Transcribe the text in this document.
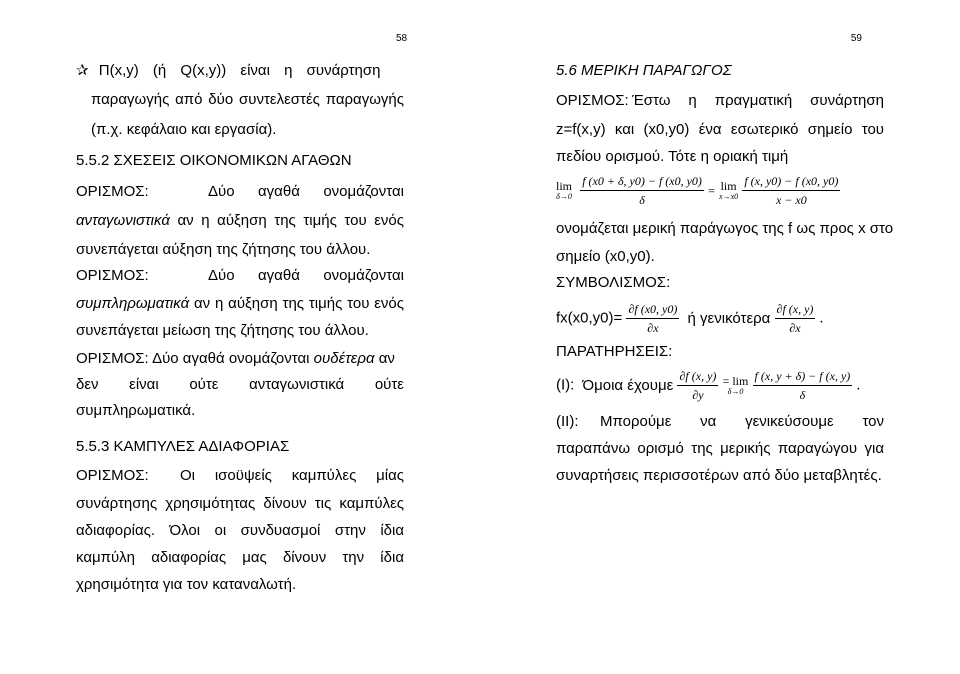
58
✰ Π(x,y) (ή Q(x,y)) είναι η συνάρτηση
παραγωγής από δύο συντελεστές παραγωγής
(π.χ. κεφάλαιο και εργασία).
5.5.2 ΣΧΕΣΕΙΣ ΟΙΚΟΝΟΜΙΚΩΝ ΑΓΑΘΩΝ
ΟΡΙΣΜΟΣ:	Δύο αγαθά ονομάζονται
ανταγωνιστικά αν η αύξηση της τιμής του ενός
συνεπάγεται αύξηση της ζήτησης του άλλου.
ΟΡΙΣΜΟΣ:	Δύο αγαθά ονομάζονται
συμπληρωματικά αν η αύξηση της τιμής του ενός
συνεπάγεται μείωση της ζήτησης του άλλου.
ΟΡΙΣΜΟΣ: Δύο αγαθά ονομάζονται ουδέτερα αν
δεν είναι ούτε ανταγωνιστικά ούτε
συμπληρωματικά.
5.5.3 ΚΑΜΠΥΛΕΣ ΑΔΙΑΦΟΡΙΑΣ
ΟΡΙΣΜΟΣ: Οι ισοϋψείς καμπύλες μίας
συνάρτησης χρησιμότητας δίνουν τις καμπύλες
αδιαφορίας. Όλοι οι συνδυασμοί στην ίδια
καμπύλη αδιαφορίας μας δίνουν την ίδια
χρησιμότητα για τον καταναλωτή.
59
5.6 ΜΕΡΙΚΗ ΠΑΡΑΓΩΓΟΣ
ΟΡΙΣΜΟΣ: Έστω η πραγματική συνάρτηση
z=f(x,y) και (x0,y0) ένα εσωτερικό σημείο του
πεδίου ορισμού. Τότε η οριακή τιμή
lim
δ→0
$\frac{f (x0 + \delta, y0) - f (x0, y0)}{\delta} = \lim$
x→x0
$\frac{f (x, y0) - f (x0, y0)}{x - x0}$
ονομάζεται μερική παράγωγος της f ως προς x στο
σημείο (x0,y0).
ΣΥΜΒΟΛΙΣΜΟΣ:
$fx(x0,y0)= \frac{\partial f (x0, y0)}{\partial x}$ ή γενικότερα $\frac{\partial f (x, y)}{\partial x}$ .
ΠΑΡΑΤΗΡΗΣΕΙΣ:
(I): Όμοια έχουμε $\frac{\partial f (x, y)}{\partial y} = \lim$
δ→0
$\frac{f (x, y + \delta) - f (x, y)}{\delta}$ .
(II): Μπορούμε να γενικεύσουμε τον
παραπάνω ορισμό της μερικής παραγώγου για
συναρτήσεις περισσοτέρων από δύο μεταβλητές.
